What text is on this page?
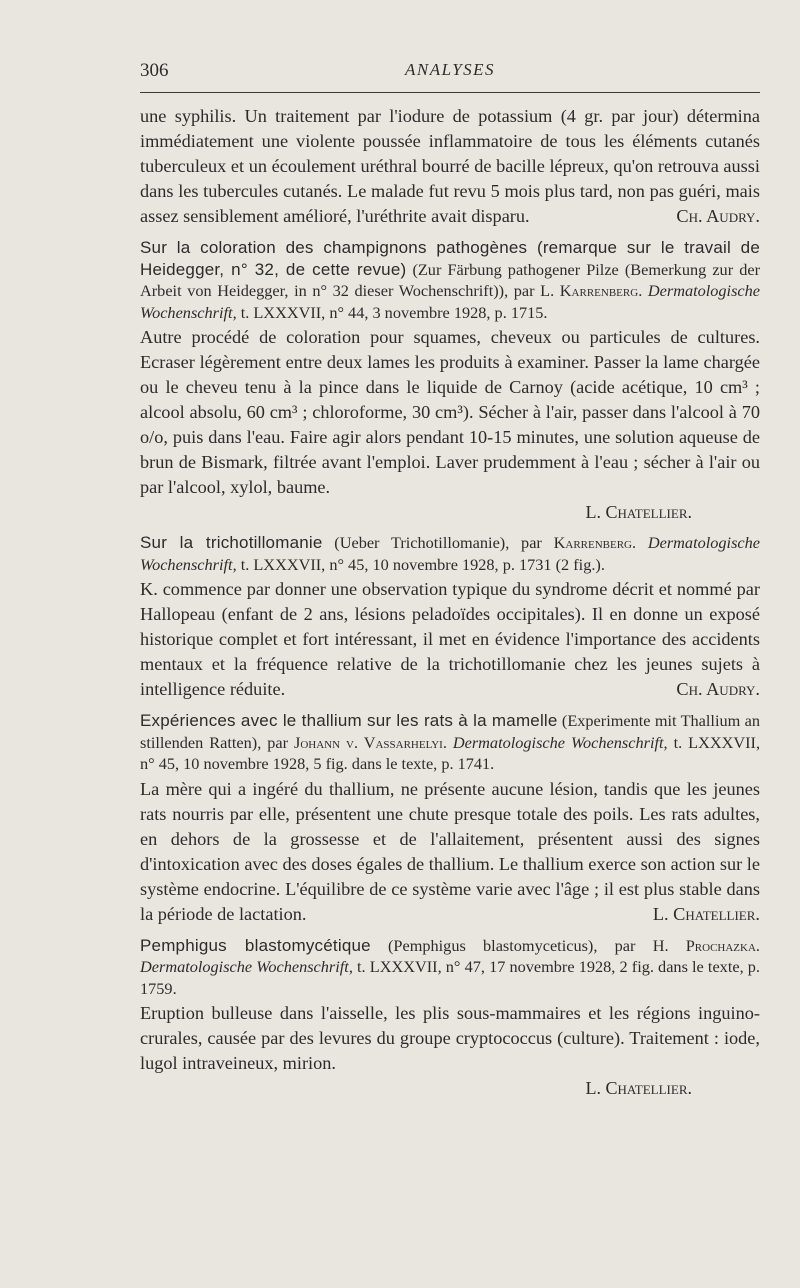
306	ANALYSES

une syphilis. Un traitement par l'iodure de potassium (4 gr. par jour) détermina immédiatement une violente poussée inflammatoire de tous les éléments cutanés tuberculeux et un écoulement uréthral bourré de bacille lépreux, qu'on retrouva aussi dans les tubercules cutanés. Le malade fut revu 5 mois plus tard, non pas guéri, mais assez sensiblement amélioré, l'uréthrite avait disparu.	Ch. Audry.

Sur la coloration des champignons pathogènes (remarque sur le travail de Heidegger, n° 32, de cette revue) (Zur Färbung pathogener Pilze (Bemerkung zur der Arbeit von Heidegger, in n° 32 dieser Wochenschrift)), par L. Karrenberg. Dermatologische Wochenschrift, t. LXXXVII, n° 44, 3 novembre 1928, p. 1715.

Autre procédé de coloration pour squames, cheveux ou particules de cultures. Ecraser légèrement entre deux lames les produits à examiner. Passer la lame chargée ou le cheveu tenu à la pince dans le liquide de Carnoy (acide acétique, 10 cm³ ; alcool absolu, 60 cm³ ; chloroforme, 30 cm³). Sécher à l'air, passer dans l'alcool à 70 o/o, puis dans l'eau. Faire agir alors pendant 10-15 minutes, une solution aqueuse de brun de Bismark, filtrée avant l'emploi. Laver prudemment à l'eau ; sécher à l'air ou par l'alcool, xylol, baume.

L. Chatellier.
Sur la trichotillomanie (Ueber Trichotillomanie), par Karrenberg. Dermatologische Wochenschrift, t. LXXXVII, n° 45, 10 novembre 1928, p. 1731 (2 fig.).

K. commence par donner une observation typique du syndrome décrit et nommé par Hallopeau (enfant de 2 ans, lésions peladoïdes occipitales). Il en donne un exposé historique complet et fort intéressant, il met en évidence l'importance des accidents mentaux et la fréquence relative de la trichotillomanie chez les jeunes sujets à intelligence réduite.	Ch. Audry.

Expériences avec le thallium sur les rats à la mamelle (Experimente mit Thallium an stillenden Ratten), par Johann v. Vassarhelyi. Dermatologische Wochenschrift, t. LXXXVII, n° 45, 10 novembre 1928, 5 fig. dans le texte, p. 1741.

La mère qui a ingéré du thallium, ne présente aucune lésion, tandis que les jeunes rats nourris par elle, présentent une chute presque totale des poils. Les rats adultes, en dehors de la grossesse et de l'allaitement, présentent aussi des signes d'intoxication avec des doses égales de thallium. Le thallium exerce son action sur le système endocrine. L'équilibre de ce système varie avec l'âge ; il est plus stable dans la période de lactation.	L. Chatellier.

Pemphigus blastomycétique (Pemphigus blastomyceticus), par H. Prochazka. Dermatologische Wochenschrift, t. LXXXVII, n° 47, 17 novembre 1928, 2 fig. dans le texte, p. 1759.

Eruption bulleuse dans l'aisselle, les plis sous-mammaires et les régions inguino-crurales, causée par des levures du groupe cryptococcus (culture). Traitement : iode, lugol intraveineux, mirion.

L. Chatellier.
